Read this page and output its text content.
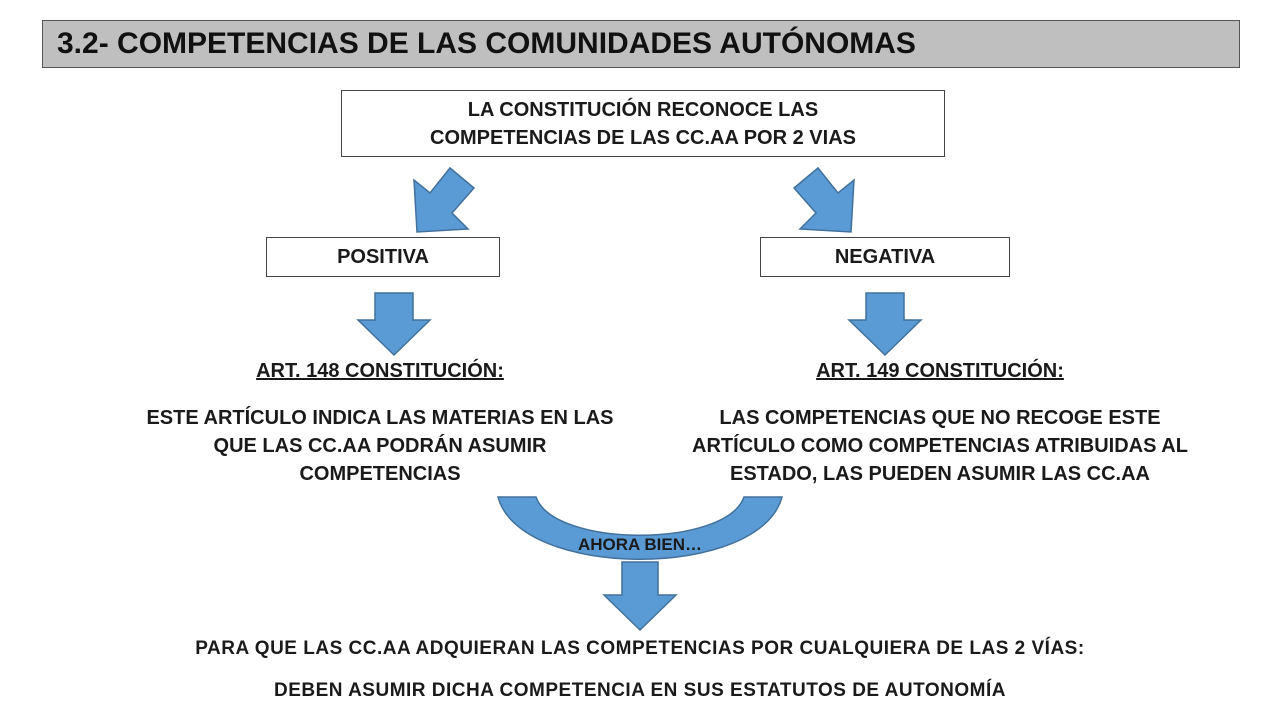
3.2- COMPETENCIAS DE LAS COMUNIDADES AUTÓNOMAS
LA CONSTITUCIÓN RECONOCE LAS
COMPETENCIAS DE LAS CC.AA POR 2 VIAS
POSITIVA	NEGATIVA
ART. 148 CONSTITUCIÓN:	ART. 149 CONSTITUCIÓN:
ESTE ARTÍCULO INDICA LAS MATERIAS EN LAS QUE LAS CC.AA PODRÁN ASUMIR COMPETENCIAS
LAS COMPETENCIAS QUE NO RECOGE ESTE ARTÍCULO COMO COMPETENCIAS ATRIBUIDAS AL ESTADO, LAS PUEDEN ASUMIR LAS CC.AA
AHORA BIEN…
PARA QUE LAS CC.AA ADQUIERAN LAS COMPETENCIAS POR CUALQUIERA DE LAS 2 VÍAS:
DEBEN ASUMIR DICHA COMPETENCIA EN SUS ESTATUTOS DE AUTONOMÍA
